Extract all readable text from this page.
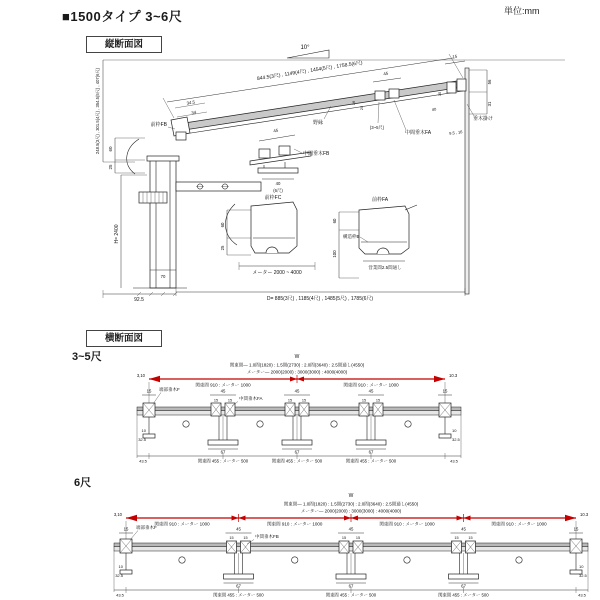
■1500タイプ 3~6尺	単位:mm
縦断面図	10°
844.5(3尺) , 1149(4尺) , 1454(5尺) , 1758.5(6尺)
34.5
34
前枠FB
248.5(3尺) , 301.5(4尺) , 354.5(5尺) , 407(6尺) 60
25
H= 2400
70
92.5
45
40
(6尺)
中間垂木FB
野縁
16
25
45
(3~5尺)
中間垂木FA
40
15
56
31
35
9.5 , 16
垂木掛け
前枠FC
60
25
メーター 2000 ~ 4000
前枠FA
60
100
構造枠B
営業間2.5間通し
D= 885(3尺) , 1185(4尺) , 1485(5尺) , 1785(6尺)
横断面図
3~5尺	W
関東間— 1.0間(1820) : 1.5間(2730) : 2.0間(3640) : 2.5間通し(4550)
メーター— 2000(2000) : 3000(3000) : 4000(4000)
関東間 910 : メーター 1000	関東間 910 : メーター 1000
3,10	10.3
15	15
45
15	15
67
45
15	15
67
45
15	15
67
端部垂木F
中間垂木FA
関東間 455 : メーター 500	関東間 455 : メーター 500	関東間 455 : メーター 500
43.5	43.5
10
32.5
10
32.5
6尺
W
関東間— 1.0間(1820) : 1.5間(2730) : 2.0間(3640) : 2.5間通し(4550)
メーター— 2000(2000) : 3000(3000) : 4000(4000)
関東間 910 : メーター 1000	関東間 910 : メーター 1000	関東間 910 : メーター 1000	関東間 910 : メーター 1000
3,10	10.3
15	15
45
15	15
67
45
15	15
67
45
15	15
67
端部垂木F
中間垂木FB
関東間 455 : メーター 500	関東間 455 : メーター 500	関東間 455 : メーター 500
43.5	43.5
10
32.5
10
32.5
